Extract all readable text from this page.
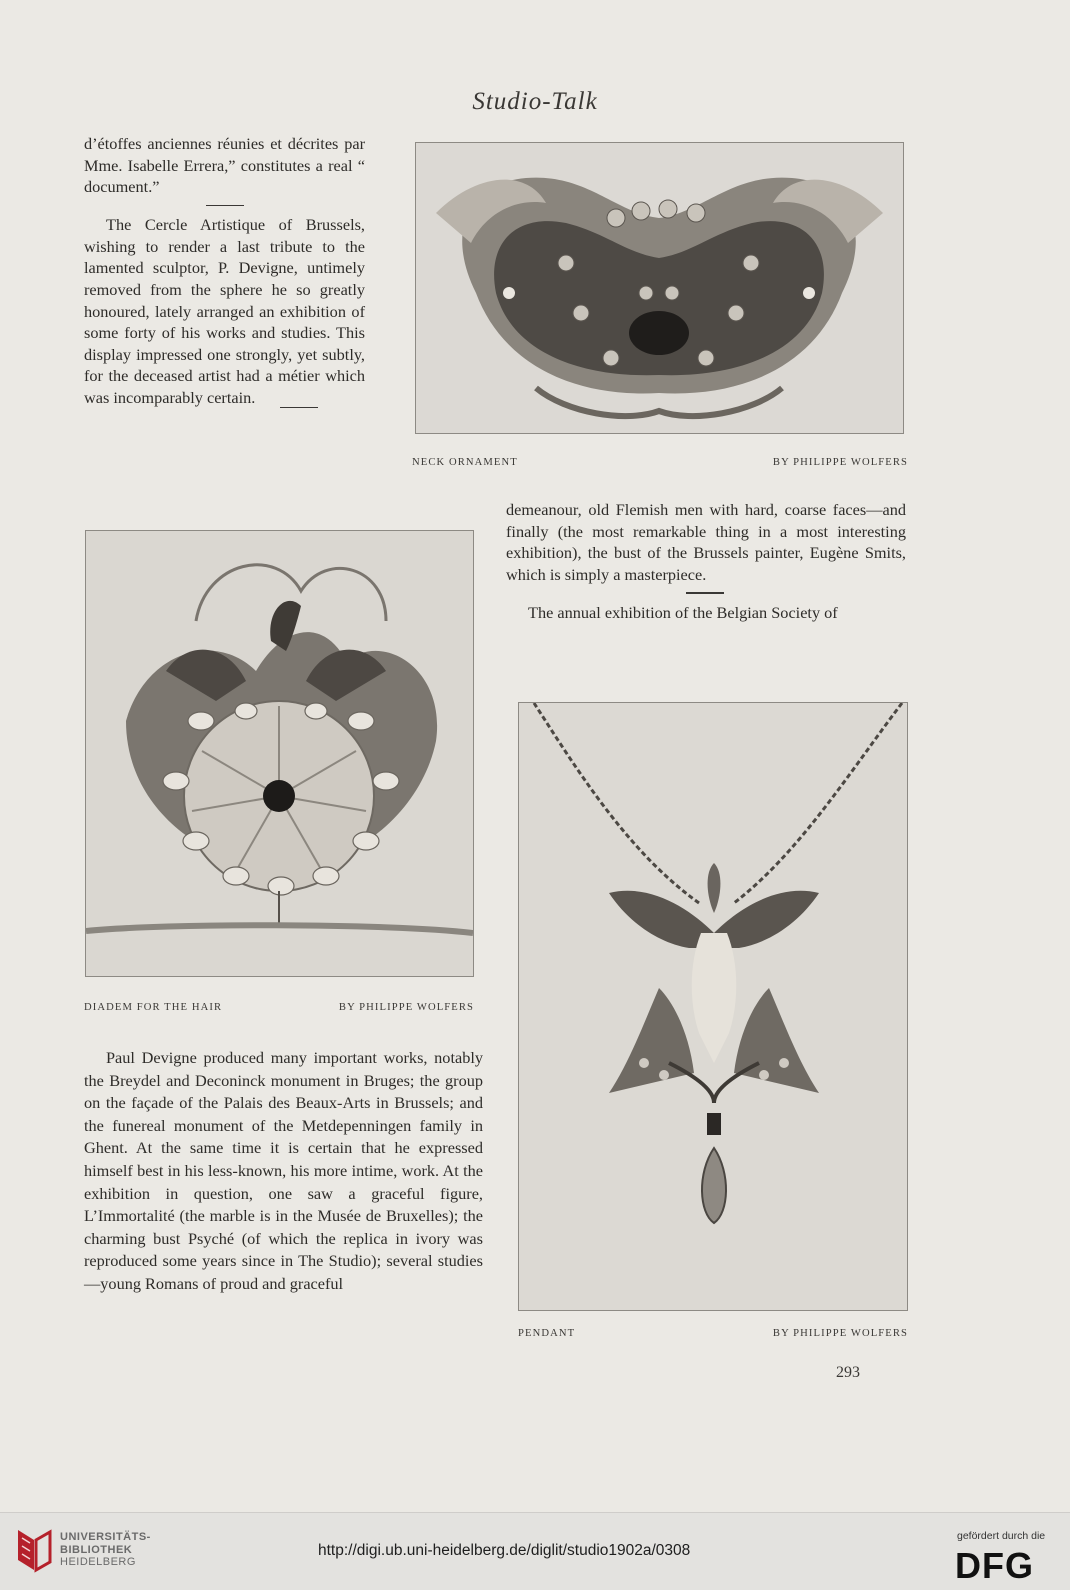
Studio-Talk

d’étoffes anciennes réunies et décrites par Mme. Isabelle Errera,” constitutes a real “ document.”

The Cercle Artistique of Brussels, wishing to render a last tribute to the lamented sculptor, P. Devigne, untimely removed from the sphere he so greatly honoured, lately arranged an exhibition of some forty of his works and studies. This display impressed one strongly, yet subtly, for the deceased artist had a métier which was incomparably certain.

NECK ORNAMENT	BY PHILIPPE WOLFERS

demeanour, old Flemish men with hard, coarse faces—and finally (the most remarkable thing in a most interesting exhibition), the bust of the Brussels painter, Eugène Smits, which is simply a masterpiece.

The annual exhibition of the Belgian Society of

DIADEM FOR THE HAIR	BY PHILIPPE WOLFERS

Paul Devigne produced many important works, notably the Breydel and Deconinck monument in Bruges; the group on the façade of the Palais des Beaux-Arts in Brussels; and the funereal monument of the Metdepenningen family in Ghent. At the same time it is certain that he expressed himself best in his less-known, his more intime, work. At the exhibition in question, one saw a graceful figure, L’Immortalité (the marble is in the Musée de Bruxelles); the charming bust Psyché (of which the replica in ivory was reproduced some years since in The Studio); several studies—young Romans of proud and graceful

PENDANT	BY PHILIPPE WOLFERS
293
UNIVERSITÄTS-
BIBLIOTHEK
HEIDELBERG
http://digi.ub.uni-heidelberg.de/diglit/studio1902a/0308
gefördert durch die
DFG
